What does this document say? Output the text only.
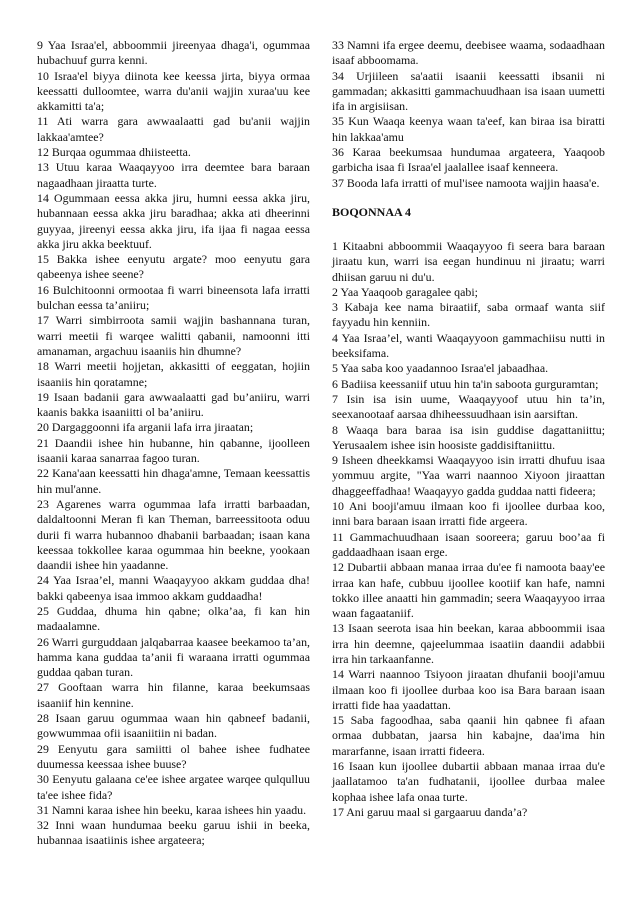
9 Yaa Israa'el, abboommii jireenyaa dhaga'i, ogummaa hubachuuf gurra kenni.

10 Israa'el biyya diinota kee keessa jirta, biyya ormaa keessatti dulloomtee, warra du'anii wajjin xuraa'uu kee akkamitti ta'a;

11 Ati warra gara awwaalaatti gad bu'anii wajjin lakkaa'amtee?

12 Burqaa ogummaa dhiisteetta.

13 Utuu karaa Waaqayyoo irra deemtee bara baraan nagaadhaan jiraatta turte.

14 Ogummaan eessa akka jiru, humni eessa akka jiru, hubannaan eessa akka jiru baradhaa; akka ati dheerinni guyyaa, jireenyi eessa akka jiru, ifa ijaa fi nagaa eessa akka jiru akka beektuuf.

15 Bakka ishee eenyutu argate? moo eenyutu gara qabeenya ishee seene?

16 Bulchitoonni ormootaa fi warri bineensota lafa irratti bulchan eessa ta’aniiru;

17 Warri simbirroota samii wajjin bashannana turan, warri meetii fi warqee walitti qabanii, namoonni itti amanaman, argachuu isaaniis hin dhumne?

18 Warri meetii hojjetan, akkasitti of eeggatan, hojiin isaaniis hin qoratamne;

19 Isaan badanii gara awwaalaatti gad bu’aniiru, warri kaanis bakka isaaniitti ol ba’aniiru.

20 Dargaggoonni ifa arganii lafa irra jiraatan;

21 Daandii ishee hin hubanne, hin qabanne, ijoolleen isaanii karaa sanarraa fagoo turan.

22 Kana'aan keessatti hin dhaga'amne, Temaan keessattis hin mul'anne.

23 Agarenes warra ogummaa lafa irratti barbaadan, daldaltoonni Meran fi kan Theman, barreessitoota oduu durii fi warra hubannoo dhabanii barbaadan; isaan kana keessaa tokkollee karaa ogummaa hin beekne, yookaan daandii ishee hin yaadanne.

24 Yaa Israa’el, manni Waaqayyoo akkam guddaa dha! bakki qabeenya isaa immoo akkam guddaadha!

25 Guddaa, dhuma hin qabne; olka’aa, fi kan hin madaalamne.

26 Warri gurguddaan jalqabarraa kaasee beekamoo ta’an, hamma kana guddaa ta’anii fi waraana irratti ogummaa guddaa qaban turan.

27 Gooftaan warra hin filanne, karaa beekumsaas isaaniif hin kennine.

28 Isaan garuu ogummaa waan hin qabneef badanii, gowwummaa ofii isaaniitiin ni badan.

29 Eenyutu gara samiitti ol bahee ishee fudhatee duumessa keessaa ishee buuse?

30 Eenyutu galaana ce'ee ishee argatee warqee qulqulluu ta'ee ishee fida?

31 Namni karaa ishee hin beeku, karaa ishees hin yaadu.

32 Inni waan hundumaa beeku garuu ishii in beeka, hubannaa isaatiinis ishee argateera;

33 Namni ifa ergee deemu, deebisee waama, sodaadhaan isaaf abboomama.

34 Urjiileen sa'aatii isaanii keessatti ibsanii ni gammadan; akkasitti gammachuudhaan isa isaan uumetti ifa in argisiisan.

35 Kun Waaqa keenya waan ta'eef, kan biraa isa biratti hin lakkaa'amu

36 Karaa beekumsaa hundumaa argateera, Yaaqoob garbicha isaa fi Israa'el jaalallee isaaf kenneera.

37 Booda lafa irratti of mul'isee namoota wajjin haasa'e.

BOQONNAA 4

1 Kitaabni abboommii Waaqayyoo fi seera bara baraan jiraatu kun, warri isa eegan hundinuu ni jiraatu; warri dhiisan garuu ni du'u.

2 Yaa Yaaqoob garagalee qabi;

3 Kabaja kee nama biraatiif, saba ormaaf wanta siif fayyadu hin kenniin.

4 Yaa Israa’el, wanti Waaqayyoon gammachiisu nutti in beeksifama.

5 Yaa saba koo yaadannoo Israa'el jabaadhaa.

6 Badiisa keessaniif utuu hin ta'in saboota gurguramtan;

7 Isin isa isin uume, Waaqayyoof utuu hin ta’in, seexanootaaf aarsaa dhiheessuudhaan isin aarsiftan.

8 Waaqa bara baraa isa isin guddise dagattaniittu; Yerusaalem ishee isin hoosiste gaddisiftaniittu.

9 Isheen dheekkamsi Waaqayyoo isin irratti dhufuu isaa yommuu argite, "Yaa warri naannoo Xiyoon jiraattan dhaggeeffadhaa! Waaqayyo gadda guddaa natti fideera;

10 Ani booji'amuu ilmaan koo fi ijoollee durbaa koo, inni bara baraan isaan irratti fide argeera.

11 Gammachuudhaan isaan sooreera; garuu boo’aa fi gaddaadhaan isaan erge.

12 Dubartii abbaan manaa irraa du'ee fi namoota baay'ee irraa kan hafe, cubbuu ijoollee kootiif kan hafe, namni tokko illee anaatti hin gammadin; seera Waaqayyoo irraa waan fagaataniif.

13 Isaan seerota isaa hin beekan, karaa abboommii isaa irra hin deemne, qajeelummaa isaatiin daandii adabbii irra hin tarkaanfanne.

14 Warri naannoo Tsiyoon jiraatan dhufanii booji'amuu ilmaan koo fi ijoollee durbaa koo isa Bara baraan isaan irratti fide haa yaadattan.

15 Saba fagoodhaa, saba qaanii hin qabnee fi afaan ormaa dubbatan, jaarsa hin kabajne, daa'ima hin mararfanne, isaan irratti fideera.

16 Isaan kun ijoollee dubartii abbaan manaa irraa du'e jaallatamoo ta'an fudhatanii, ijoollee durbaa malee kophaa ishee lafa onaa turte.

17 Ani garuu maal si gargaaruu danda’a?
